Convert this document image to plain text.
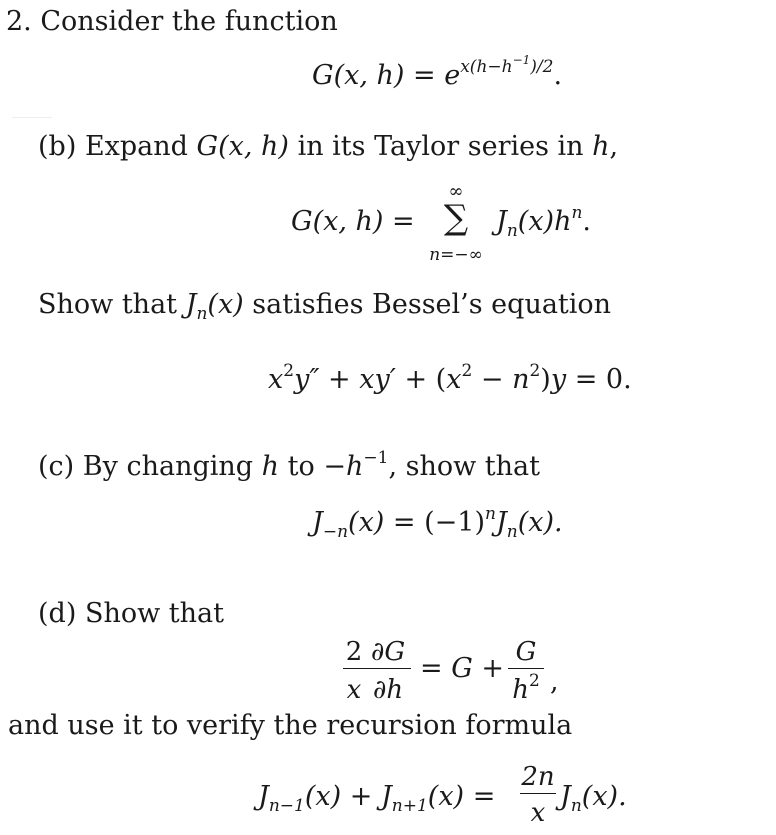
2. Consider the function
G(x, $h) = e^{x(h-h^{-1})/2}$.
(b) Expand G(x, h) in its Taylor series in h,
G(x, h) =
∞
∑
n=−∞
$J_n(x)h^n$.
Show that $J_n(x)$ satisfies Bessel’s equation
$x^2y'' + xy' + (x^2 - n^2)y = 0$.
(c) By changing h to $-h^{-1}$, show that
$J_{-n}(x) = (-1)^nJ_n(x)$.
(d) Show that
2
x
∂G
∂h
= G +
G
$h^2$ ,
and use it to verify the recursion formula
$J_{n-1}(x) + J_{n+1}(x)$ =
2n
x
$J_n(x)$.
